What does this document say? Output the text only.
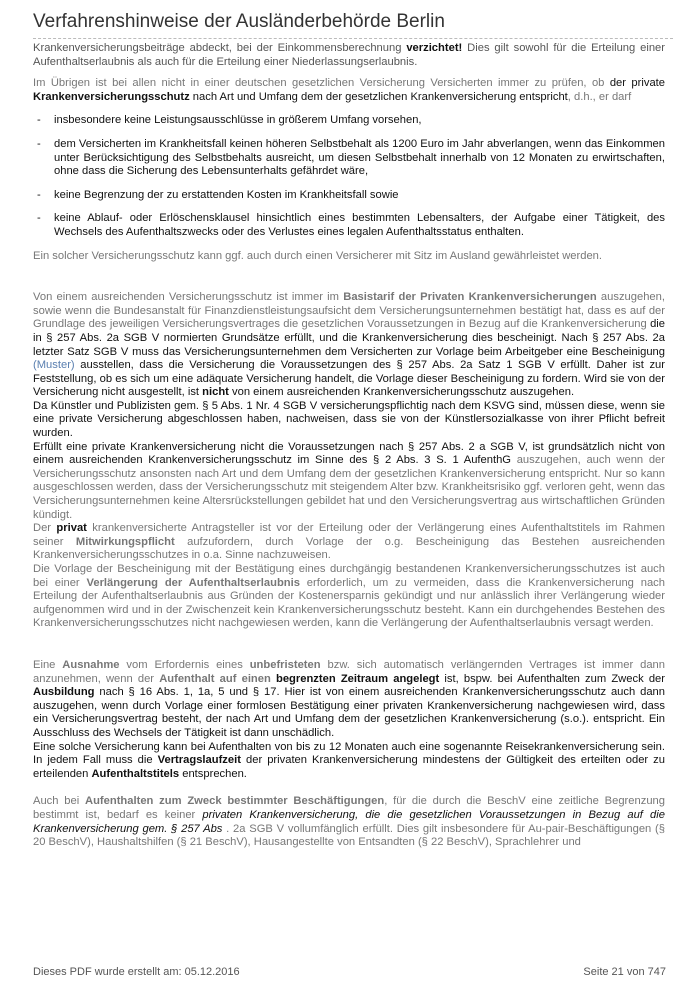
Verfahrenshinweise der Ausländerbehörde Berlin

Krankenversicherungsbeiträge abdeckt, bei der Einkommensberechnung verzichtet! Dies gilt sowohl für die Erteilung einer Aufenthaltserlaubnis als auch für die Erteilung einer Niederlassungserlaubnis.

Im Übrigen ist bei allen nicht in einer deutschen gesetzlichen Versicherung Versicherten immer zu prüfen, ob der private Krankenversicherungsschutz nach Art und Umfang dem der gesetzlichen Krankenversicherung entspricht, d.h., er darf

- insbesondere keine Leistungsausschlüsse in größerem Umfang vorsehen,
- dem Versicherten im Krankheitsfall keinen höheren Selbstbehalt als 1200 Euro im Jahr abverlangen, wenn das Einkommen unter Berücksichtigung des Selbstbehalts ausreicht, um diesen Selbstbehalt innerhalb von 12 Monaten zu erwirtschaften, ohne dass die Sicherung des Lebensunterhalts gefährdet wäre,
- keine Begrenzung der zu erstattenden Kosten im Krankheitsfall sowie
- keine Ablauf- oder Erlöschensklausel hinsichtlich eines bestimmten Lebensalters, der Aufgabe einer Tätigkeit, des Wechsels des Aufenthaltszwecks oder des Verlustes eines legalen Aufenthaltsstatus enthalten.

Ein solcher Versicherungsschutz kann ggf. auch durch einen Versicherer mit Sitz im Ausland gewährleistet werden.

Von einem ausreichenden Versicherungsschutz ist immer im Basistarif der Privaten Krankenversicherungen auszugehen, sowie wenn die Bundesanstalt für Finanzdienstleistungsaufsicht dem Versicherungsunternehmen bestätigt hat, dass es auf der Grundlage des jeweiligen Versicherungsvertrages die gesetzlichen Voraussetzungen in Bezug auf die Krankenversicherung die in § 257 Abs. 2a SGB V normierten Grundsätze erfüllt, und die Krankenversicherung dies bescheinigt. Nach § 257 Abs. 2a letzter Satz SGB V muss das Versicherungsunternehmen dem Versicherten zur Vorlage beim Arbeitgeber eine Bescheinigung (Muster) ausstellen, dass die Versicherung die Voraussetzungen des § 257 Abs. 2a Satz 1 SGB V erfüllt. Daher ist zur Feststellung, ob es sich um eine adäquate Versicherung handelt, die Vorlage dieser Bescheinigung zu fordern. Wird sie von der Versicherung nicht ausgestellt, ist nicht von einem ausreichenden Krankenversicherungsschutz auszugehen.

Da Künstler und Publizisten gem. § 5 Abs. 1 Nr. 4 SGB V versicherungspflichtig nach dem KSVG sind, müssen diese, wenn sie eine private Versicherung abgeschlossen haben, nachweisen, dass sie von der Künstlersozialkasse von ihrer Pflicht befreit wurden.

Erfüllt eine private Krankenversicherung nicht die Voraussetzungen nach § 257 Abs. 2 a SGB V, ist grundsätzlich nicht von einem ausreichenden Krankenversicherungsschutz im Sinne des § 2 Abs. 3 S. 1 AufenthG auszugehen, auch wenn der Versicherungsschutz ansonsten nach Art und dem Umfang dem der gesetzlichen Krankenversicherung entspricht. Nur so kann ausgeschlossen werden, dass der Versicherungsschutz mit steigendem Alter bzw. Krankheitsrisiko ggf. verloren geht, wenn das Versicherungsunternehmen keine Altersrückstellungen gebildet hat und den Versicherungsvertrag aus wirtschaftlichen Gründen kündigt.

Der privat krankenversicherte Antragsteller ist vor der Erteilung oder der Verlängerung eines Aufenthaltstitels im Rahmen seiner Mitwirkungspflicht aufzufordern, durch Vorlage der o.g. Bescheinigung das Bestehen ausreichenden Krankenversicherungsschutzes in o.a. Sinne nachzuweisen.

Die Vorlage der Bescheinigung mit der Bestätigung eines durchgängig bestandenen Krankenversicherungsschutzes ist auch bei einer Verlängerung der Aufenthaltserlaubnis erforderlich, um zu vermeiden, dass die Krankenversicherung nach Erteilung der Aufenthaltserlaubnis aus Gründen der Kostenersparnis gekündigt und nur anlässlich ihrer Verlängerung wieder aufgenommen wird und in der Zwischenzeit kein Krankenversicherungsschutz besteht. Kann ein durchgehendes Bestehen des Krankenversicherungsschutzes nicht nachgewiesen werden, kann die Verlängerung der Aufenthaltserlaubnis versagt werden.

Eine Ausnahme vom Erfordernis eines unbefristeten bzw. sich automatisch verlängernden Vertrages ist immer dann anzunehmen, wenn der Aufenthalt auf einen begrenzten Zeitraum angelegt ist, bspw. bei Aufenthalten zum Zweck der Ausbildung nach § 16 Abs. 1, 1a, 5 und § 17. Hier ist von einem ausreichenden Krankenversicherungsschutz auch dann auszugehen, wenn durch Vorlage einer formlosen Bestätigung einer privaten Krankenversicherung nachgewiesen wird, dass ein Versicherungsvertrag besteht, der nach Art und Umfang dem der gesetzlichen Krankenversicherung (s.o.). entspricht. Ein Ausschluss des Wechsels der Tätigkeit ist dann unschädlich.

Eine solche Versicherung kann bei Aufenthalten von bis zu 12 Monaten auch eine sogenannte Reisekrankenversicherung sein. In jedem Fall muss die Vertragslaufzeit der privaten Krankenversicherung mindestens der Gültigkeit des erteilten oder zu erteilenden Aufenthaltstitels entsprechen.

Auch bei Aufenthalten zum Zweck bestimmter Beschäftigungen, für die durch die BeschV eine zeitliche Begrenzung bestimmt ist, bedarf es keiner privaten Krankenversicherung, die die gesetzlichen Voraussetzungen in Bezug auf die Krankenversicherung gem. § 257 Abs . 2a SGB V vollumfänglich erfüllt. Dies gilt insbesondere für Au-pair-Beschäftigungen (§ 20 BeschV), Haushaltshilfen (§ 21 BeschV), Hausangestellte von Entsandten (§ 22 BeschV), Sprachlehrer und

Dieses PDF wurde erstellt am: 05.12.2016	Seite 21 von 747
